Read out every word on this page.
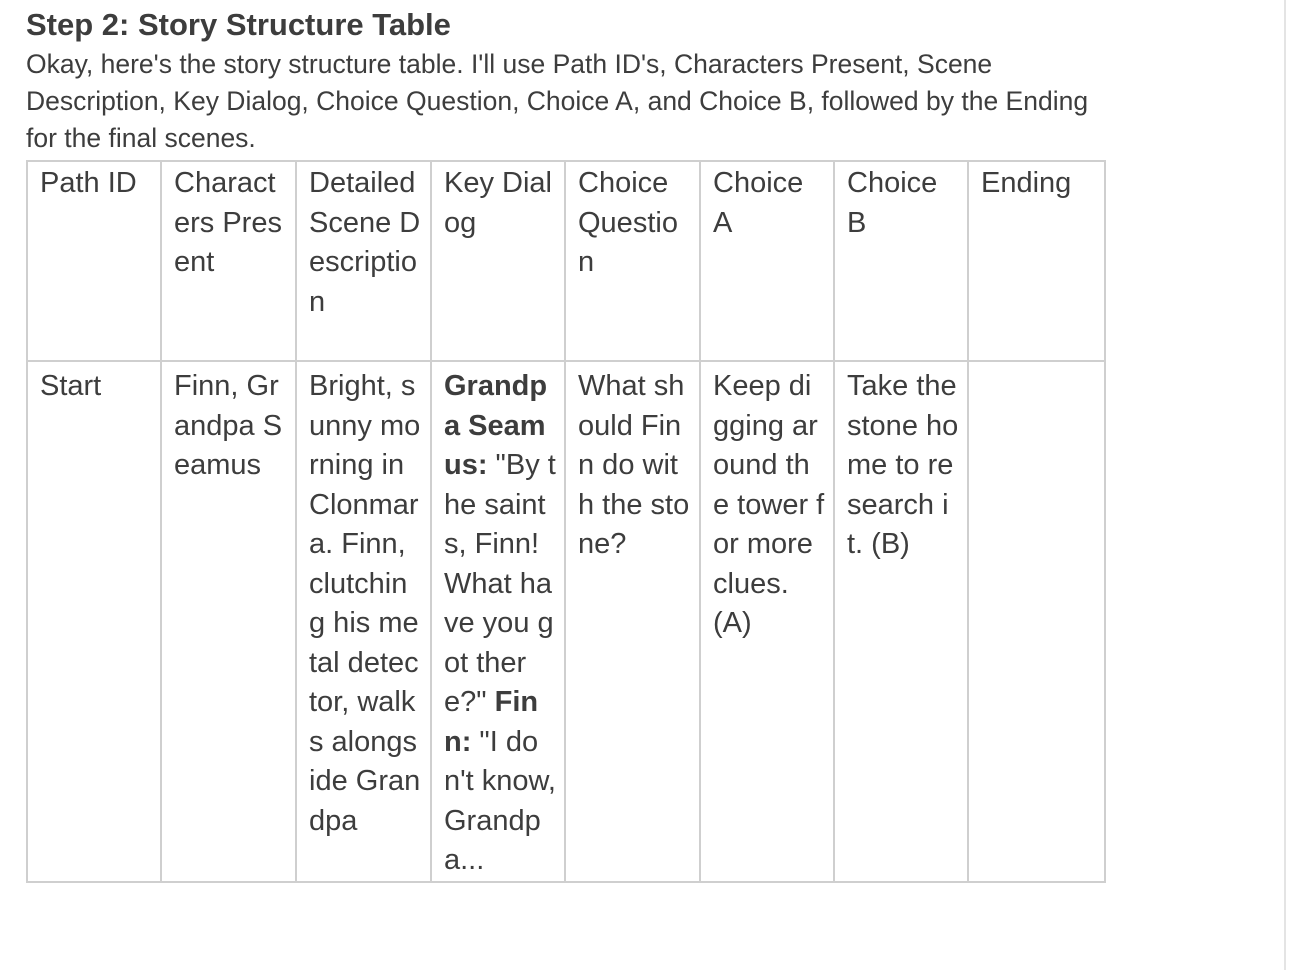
Step 2: Story Structure Table

Okay, here's the story structure table. I'll use Path ID's, Characters Present, Scene Description, Key Dialog, Choice Question, Choice A, and Choice B, followed by the Ending for the final scenes.

Path ID	Characters Present	Detailed Scene Description	Key Dialog	Choice Question	Choice A	Choice B	Ending
Start	Finn, Grandpa Seamus	Bright, sunny morning in Clonmara. Finn, clutching his metal detector, walks alongside Grandpa	Grandpa Seamus: "By the saints, Finn! What have you got there?" Finn: "I don't know, Grandpa...	What should Finn do with the stone?	Keep digging around the tower for more clues. (A)	Take the stone home to research it. (B)	
